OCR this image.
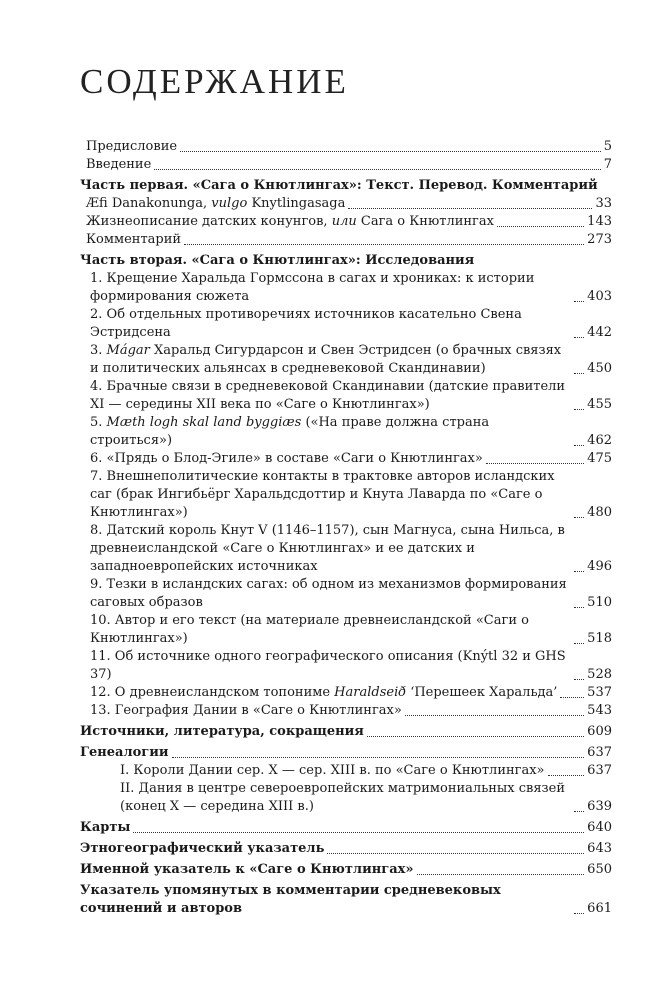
СОДЕРЖАНИЕ
Предисловие	5
Введение	7
Часть первая. «Сага о Кнютлингах»: Текст. Перевод. Комментарий
Æfi Danakonunga, vulgo Knytlingasaga	33
Жизнеописание датских конунгов, или Сага о Кнютлингах	143
Комментарий	273
Часть вторая. «Сага о Кнютлингах»: Исследования
1. Крещение Харальда Гормссона в сагах и хрониках: к истории формирования сюжета	403
2. Об отдельных противоречиях источников касательно Свена Эстридсена	442
3. Mágar Харальд Сигурдарсон и Свен Эстридсен (о брачных связях и политических альянсах в средневековой Скандинавии)	450
4. Брачные связи в средневековой Скандинавии (датские правители XI — середины XII века по «Саге о Кнютлингах»)	455
5. Mæth logh skal land byggiæs («На праве должна страна строиться»)	462
6. «Прядь о Блод-Эгиле» в составе «Саги о Кнютлингах»	475
7. Внешнеполитические контакты в трактовке авторов исландских саг (брак Ингибьёрг Харальдсдоттир и Кнута Лаварда по «Саге о Кнютлингах»)	480
8. Датский король Кнут V (1146–1157), сын Магнуса, сына Нильса, в древнеисландской «Саге о Кнютлингах» и ее датских и западноевропейских источниках	496
9. Тезки в исландских сагах: об одном из механизмов формирования саговых образов	510
10. Автор и его текст (на материале древнеисландской «Саги о Кнютлингах»)	518
11. Об источнике одного географического описания (Knýtl 32 и GHS 37)	528
12. О древнеисландском топониме Haraldseið ‘Перешеек Харальда’ 537
13. География Дании в «Саге о Кнютлингах»	543
Источники, литература, сокращения	609
Генеалогии	637
I. Короли Дании сер. X — сер. XIII в. по «Саге о Кнютлингах»	637
II. Дания в центре североевропейских матримониальных связей (конец X — середина XIII в.)	639
Карты	640
Этногеографический указатель	643
Именной указатель к «Саге о Кнютлингах»	650
Указатель упомянутых в комментарии средневековых сочинений и авторов	661
